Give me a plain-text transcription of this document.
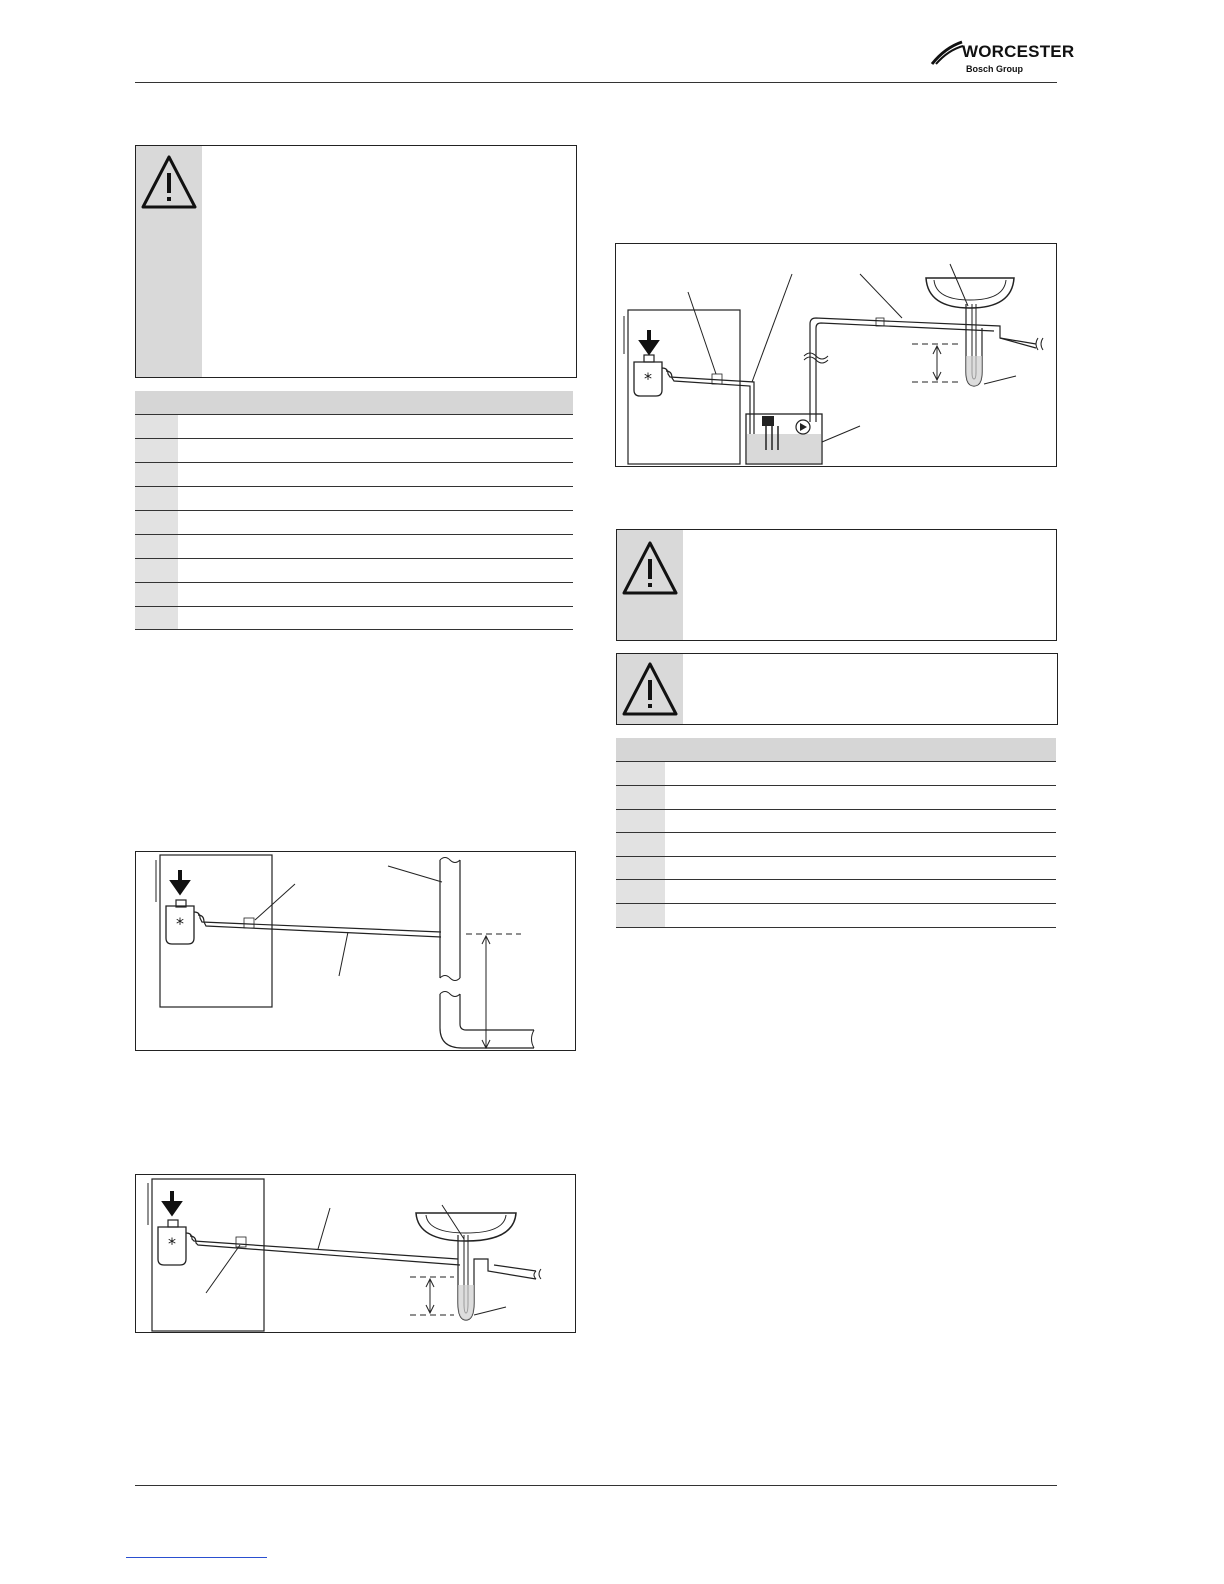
WORCESTER
Bosch Group
*
*
*
